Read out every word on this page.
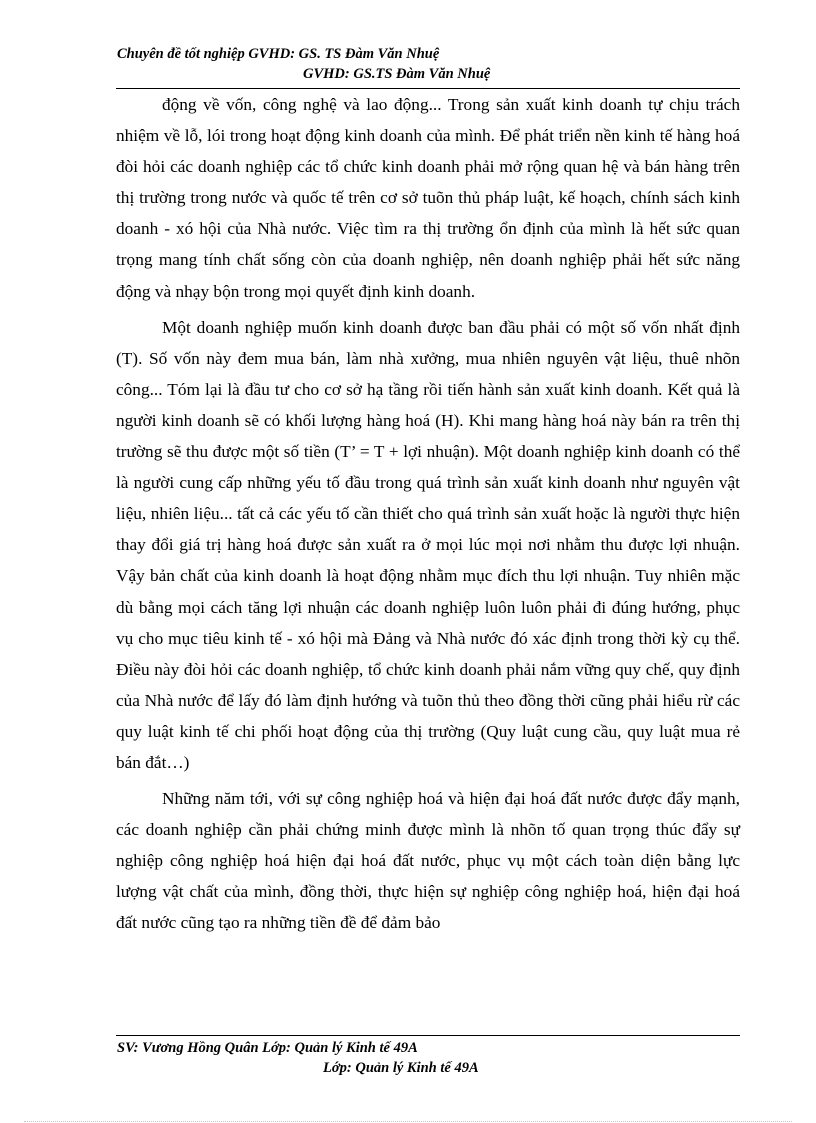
Chuyên đề tốt nghiệp GVHD: GS. TS Đàm Văn Nhuệ
GVHD: GS.TS Đàm Văn Nhuệ

động về vốn, công nghệ và lao động... Trong sản xuất kinh doanh tự chịu trách nhiệm về lỗ, lói trong hoạt động kinh doanh của mình. Để phát triển nền kinh tế hàng hoá đòi hỏi các doanh nghiệp các tổ chức kinh doanh phải mở rộng quan hệ và bán hàng trên thị trường trong nước và quốc tế trên cơ sở tuõn thủ pháp luật, kế hoạch, chính sách kinh doanh - xó hội của Nhà nước. Việc tìm ra thị trường ổn định của mình là hết sức quan trọng mang tính chất sống còn của doanh nghiệp, nên doanh nghiệp phải hết sức năng động và nhạy bộn trong mọi quyết định kinh doanh.

Một doanh nghiệp muốn kinh doanh được ban đầu phải có một số vốn nhất định (T). Số vốn này đem mua bán, làm nhà xưởng, mua nhiên nguyên vật liệu, thuê nhõn công... Tóm lại là đầu tư cho cơ sở hạ tầng rồi tiến hành sản xuất kinh doanh. Kết quả là người kinh doanh sẽ có khối lượng hàng hoá (H). Khi mang hàng hoá này bán ra trên thị trường sẽ thu được một số tiền (T’ = T + lợi nhuận). Một doanh nghiệp kinh doanh có thể là người cung cấp những yếu tố đầu trong quá trình sản xuất kinh doanh như nguyên vật liệu, nhiên liệu... tất cả các yếu tố cần thiết cho quá trình sản xuất hoặc là người thực hiện thay đổi giá trị hàng hoá được sản xuất ra ở mọi lúc mọi nơi nhằm thu được lợi nhuận. Vậy bản chất của kinh doanh là hoạt động nhằm mục đích thu lợi nhuận. Tuy nhiên mặc dù bằng mọi cách tăng lợi nhuận các doanh nghiệp luôn luôn phải đi đúng hướng, phục vụ cho mục tiêu kinh tế - xó hội mà Đảng và Nhà nước đó xác định trong thời kỳ cụ thể. Điều này đòi hỏi các doanh nghiệp, tổ chức kinh doanh phải nắm vững quy chế, quy định của Nhà nước để lấy đó làm định hướng và tuõn thủ theo đồng thời cũng phải hiểu rừ các quy luật kinh tế chi phối hoạt động của thị trường (Quy luật cung cầu, quy luật mua rẻ bán đắt…)

Những năm tới, với sự công nghiệp hoá và hiện đại hoá đất nước được đẩy mạnh, các doanh nghiệp cần phải chứng minh được mình là nhõn tố quan trọng thúc đẩy sự nghiệp công nghiệp hoá hiện đại hoá đất nước, phục vụ một cách toàn diện bằng lực lượng vật chất của mình, đồng thời, thực hiện sự nghiệp công nghiệp hoá, hiện đại hoá đất nước cũng tạo ra những tiền đề để đảm bảo

SV: Vương Hồng Quân Lớp: Quản lý Kinh tế 49A
Lớp: Quản lý Kinh tế 49A
